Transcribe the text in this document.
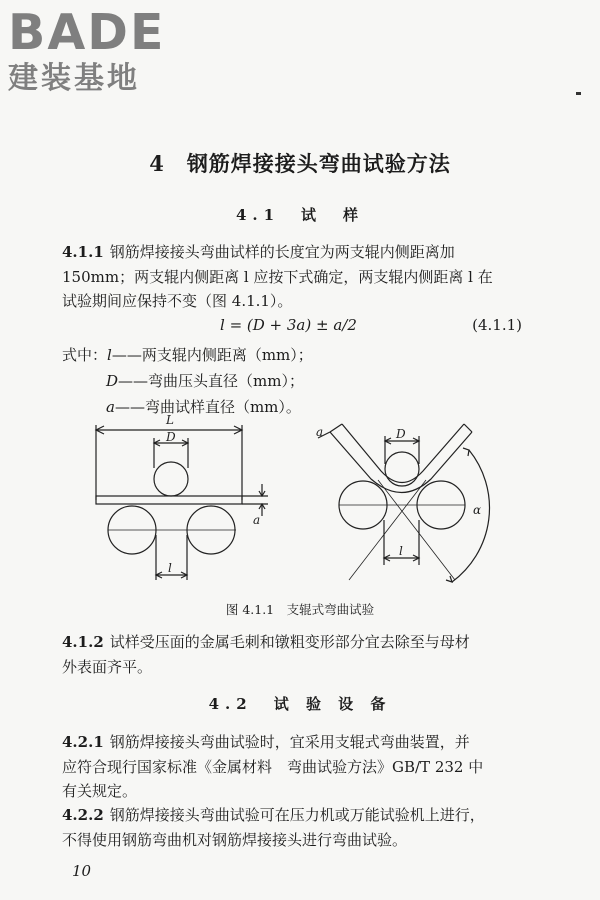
BADE
建装基地
4  钢筋焊接接头弯曲试验方法
4.1  试　样
4.1.1 钢筋焊接接头弯曲试样的长度宜为两支辊内侧距离加
150mm；两支辊内侧距离 l 应按下式确定，两支辊内侧距离 l 在
试验期间应保持不变（图 4.1.1）。
l = (D + 3a) ± a/2	(4.1.1)
式中：l——两支辊内侧距离（mm）；
D——弯曲压头直径（mm）；
a——弯曲试样直径（mm）。
L
D
a
l
D
a
l
α
图 4.1.1　支辊式弯曲试验
4.1.2 试样受压面的金属毛刺和镦粗变形部分宜去除至与母材
外表面齐平。
4.2  试 验 设 备
4.2.1 钢筋焊接接头弯曲试验时，宜采用支辊式弯曲装置，并
应符合现行国家标准《金属材料　弯曲试验方法》GB/T 232 中
有关规定。
4.2.2 钢筋焊接接头弯曲试验可在压力机或万能试验机上进行，
不得使用钢筋弯曲机对钢筋焊接接头进行弯曲试验。
10
